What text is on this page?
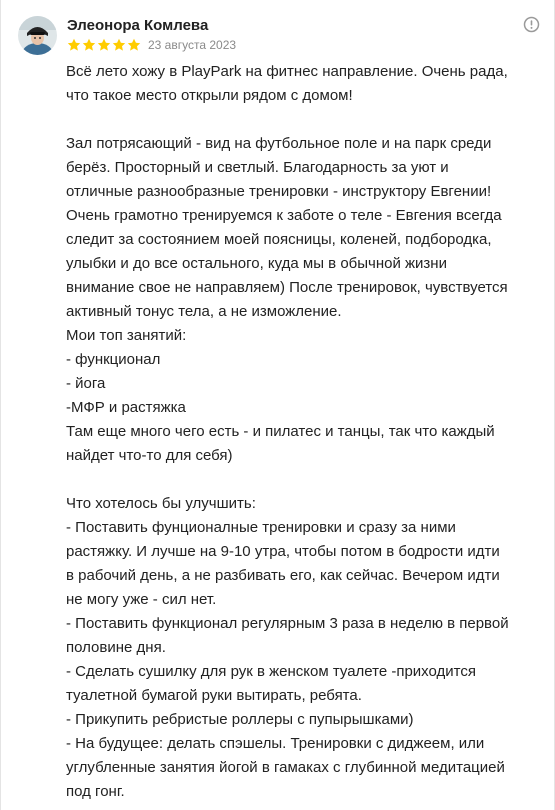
Элеонора Комлева
23 августа 2023
Всё лето хожу в PlayPark на фитнес направление. Очень рада,
что такое место открыли рядом с домом!
Зал потрясающий - вид на футбольное поле и на парк среди
берёз. Просторный и светлый. Благодарность за уют и
отличные разнообразные тренировки - инструктору Евгении!
Очень грамотно тренируемся к заботе о теле - Евгения всегда
следит за состоянием моей поясницы, коленей, подбородка,
улыбки и до все остального, куда мы в обычной жизни
внимание свое не направляем) После тренировок, чувствуется
активный тонус тела, а не изможление.
Мои топ занятий:
- функционал
- йога
-МФР и растяжка
Там еще много чего есть - и пилатес и танцы, так что каждый
найдет что-то для себя)
Что хотелось бы улучшить:
- Поставить фунционалные тренировки и сразу за ними
растяжку. И лучше на 9-10 утра, чтобы потом в бодрости идти
в рабочий день, а не разбивать его, как сейчас. Вечером идти
не могу уже - сил нет.
- Поставить функционал регулярным 3 раза в неделю в первой
половине дня.
- Сделать сушилку для рук в женском туалете -приходится
туалетной бумагой руки вытирать, ребята.
- Прикупить ребристые роллеры с пупырышками)
- На будущее: делать спэшелы. Тренировки с диджеем, или
углубленные занятия йогой в гамаках с глубинной медитацией
под гонг.
